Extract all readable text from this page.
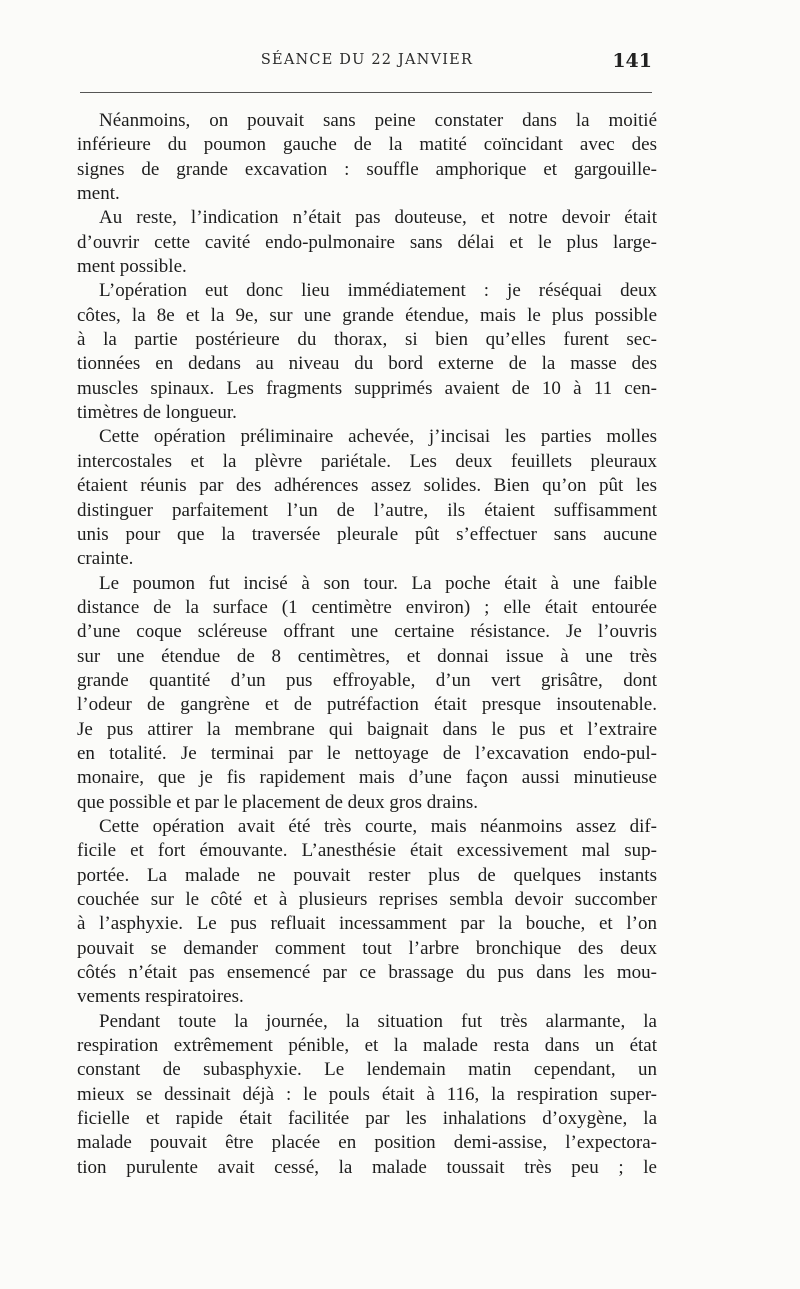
SÉANCE DU 22 JANVIER	141
Néanmoins, on pouvait sans peine constater dans la moitié
inférieure du poumon gauche de la matité coïncidant avec des
signes de grande excavation : souffle amphorique et gargouille-
ment.
Au reste, l’indication n’était pas douteuse, et notre devoir était
d’ouvrir cette cavité endo-pulmonaire sans délai et le plus large-
ment possible.
L’opération eut donc lieu immédiatement : je réséquai deux
côtes, la 8e et la 9e, sur une grande étendue, mais le plus possible
à la partie postérieure du thorax, si bien qu’elles furent sec-
tionnées en dedans au niveau du bord externe de la masse des
muscles spinaux. Les fragments supprimés avaient de 10 à 11 cen-
timètres de longueur.
Cette opération préliminaire achevée, j’incisai les parties molles
intercostales et la plèvre pariétale. Les deux feuillets pleuraux
étaient réunis par des adhérences assez solides. Bien qu’on pût les
distinguer parfaitement l’un de l’autre, ils étaient suffisamment
unis pour que la traversée pleurale pût s’effectuer sans aucune
crainte.
Le poumon fut incisé à son tour. La poche était à une faible
distance de la surface (1 centimètre environ) ; elle était entourée
d’une coque scléreuse offrant une certaine résistance. Je l’ouvris
sur une étendue de 8 centimètres, et donnai issue à une très
grande quantité d’un pus effroyable, d’un vert grisâtre, dont
l’odeur de gangrène et de putréfaction était presque insoutenable.
Je pus attirer la membrane qui baignait dans le pus et l’extraire
en totalité. Je terminai par le nettoyage de l’excavation endo-pul-
monaire, que je fis rapidement mais d’une façon aussi minutieuse
que possible et par le placement de deux gros drains.
Cette opération avait été très courte, mais néanmoins assez dif-
ficile et fort émouvante. L’anesthésie était excessivement mal sup-
portée. La malade ne pouvait rester plus de quelques instants
couchée sur le côté et à plusieurs reprises sembla devoir succomber
à l’asphyxie. Le pus refluait incessamment par la bouche, et l’on
pouvait se demander comment tout l’arbre bronchique des deux
côtés n’était pas ensemencé par ce brassage du pus dans les mou-
vements respiratoires.
Pendant toute la journée, la situation fut très alarmante, la
respiration extrêmement pénible, et la malade resta dans un état
constant de subasphyxie. Le lendemain matin cependant, un
mieux se dessinait déjà : le pouls était à 116, la respiration super-
ficielle et rapide était facilitée par les inhalations d’oxygène, la
malade pouvait être placée en position demi-assise, l’expectora-
tion purulente avait cessé, la malade toussait très peu ; le
